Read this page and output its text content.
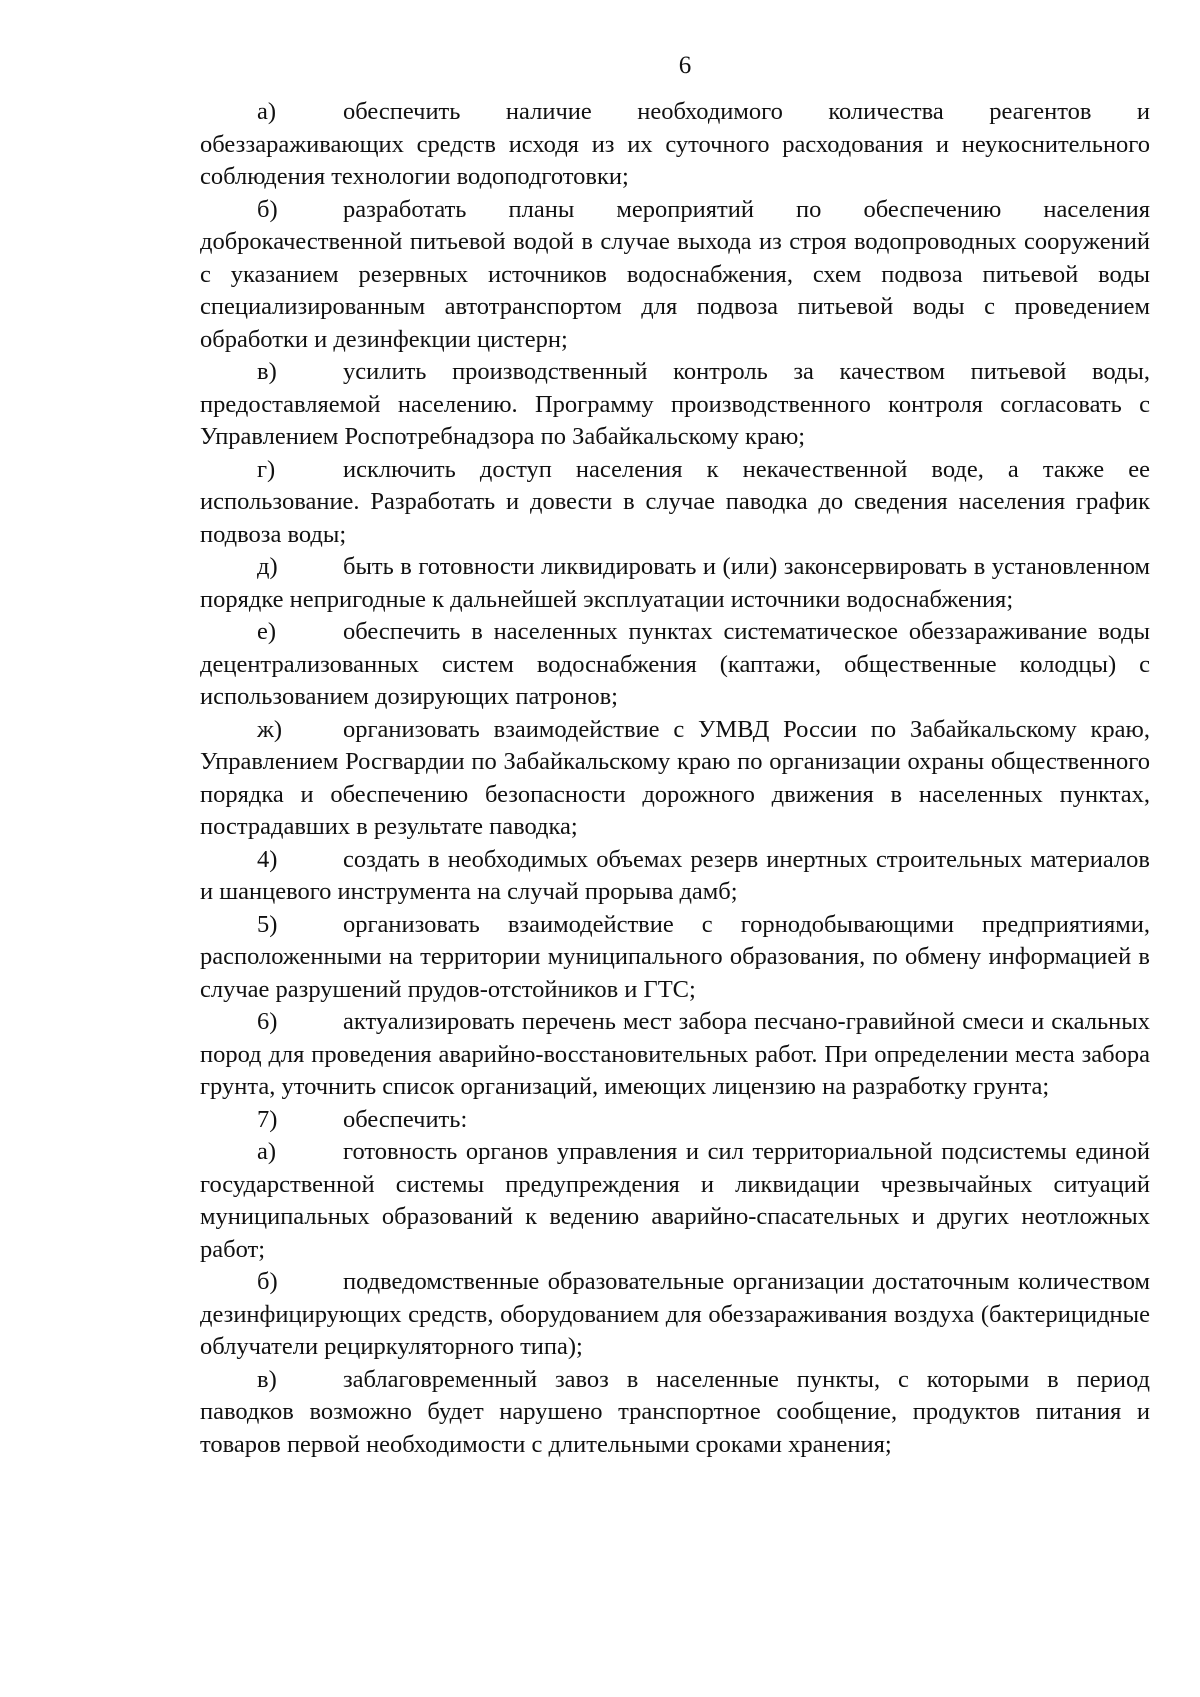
6

а)	обеспечить наличие необходимого количества реагентов и обеззараживающих средств исходя из их суточного расходования и неукоснительного соблюдения технологии водоподготовки;

б)	разработать планы мероприятий по обеспечению населения доброкачественной питьевой водой в случае выхода из строя водопроводных сооружений с указанием резервных источников водоснабжения, схем подвоза питьевой воды специализированным автотранспортом для подвоза питьевой воды с проведением обработки и дезинфекции цистерн;

в)	усилить производственный контроль за качеством питьевой воды, предоставляемой населению. Программу производственного контроля согласовать с Управлением Роспотребнадзора по Забайкальскому краю;

г)	исключить доступ населения к некачественной воде, а также ее использование. Разработать и довести в случае паводка до сведения населения график подвоза воды;

д)	быть в готовности ликвидировать и (или) законсервировать в установленном порядке непригодные к дальнейшей эксплуатации источники водоснабжения;

е)	обеспечить в населенных пунктах систематическое обеззараживание воды децентрализованных систем водоснабжения (каптажи, общественные колодцы) с использованием дозирующих патронов;

ж) организовать взаимодействие с УМВД России по Забайкальскому краю, Управлением Росгвардии по Забайкальскому краю по организации охраны общественного порядка и обеспечению безопасности дорожного движения в населенных пунктах, пострадавших в результате паводка;

4)	создать в необходимых объемах резерв инертных строительных материалов и шанцевого инструмента на случай прорыва дамб;

5)	организовать взаимодействие с горнодобывающими предприятиями, расположенными на территории муниципального образования, по обмену информацией в случае разрушений прудов-отстойников и ГТС;

6)	актуализировать перечень мест забора песчано-гравийной смеси и скальных пород для проведения аварийно-восстановительных работ. При определении места забора грунта, уточнить список организаций, имеющих лицензию на разработку грунта;

7)	обеспечить:

а)	готовность органов управления и сил территориальной подсистемы единой государственной системы предупреждения и ликвидации чрезвычайных ситуаций муниципальных образований к ведению аварийно-спасательных и других неотложных работ;

б)	подведомственные образовательные организации достаточным количеством дезинфицирующих средств, оборудованием для обеззараживания воздуха (бактерицидные облучатели рециркуляторного типа);

в)	заблаговременный завоз в населенные пункты, с которыми в период паводков возможно будет нарушено транспортное сообщение, продуктов питания и товаров первой необходимости с длительными сроками хранения;
